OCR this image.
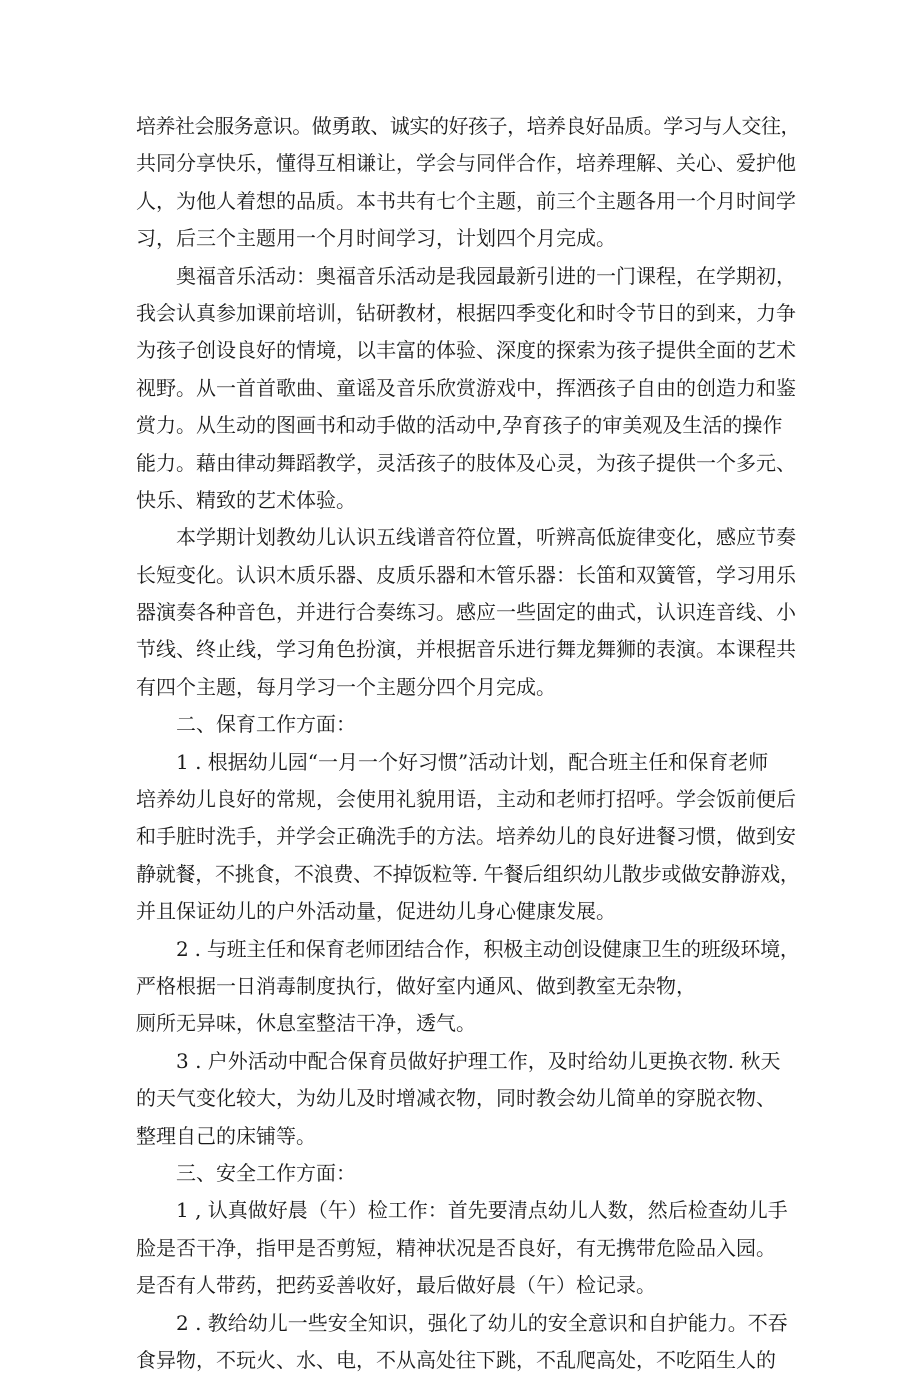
培养社会服务意识。做勇敢、诚实的好孩子，培养良好品质。学习与人交往，
共同分享快乐，懂得互相谦让，学会与同伴合作，培养理解、关心、爱护他
人，为他人着想的品质。本书共有七个主题，前三个主题各用一个月时间学
习，后三个主题用一个月时间学习，计划四个月完成。
奥福音乐活动：奥福音乐活动是我园最新引进的一门课程，在学期初，
我会认真参加课前培训，钻研教材，根据四季变化和时令节日的到来，力争
为孩子创设良好的情境，以丰富的体验、深度的探索为孩子提供全面的艺术
视野。从一首首歌曲、童谣及音乐欣赏游戏中，挥洒孩子自由的创造力和鉴
赏力。从生动的图画书和动手做的活动中,孕育孩子的审美观及生活的操作
能力。藉由律动舞蹈教学，灵活孩子的肢体及心灵，为孩子提供一个多元、
快乐、精致的艺术体验。
本学期计划教幼儿认识五线谱音符位置，听辨高低旋律变化，感应节奏
长短变化。认识木质乐器、皮质乐器和木管乐器：长笛和双簧管，学习用乐
器演奏各种音色，并进行合奏练习。感应一些固定的曲式，认识连音线、小
节线、终止线，学习角色扮演，并根据音乐进行舞龙舞狮的表演。本课程共
有四个主题，每月学习一个主题分四个月完成。
二、保育工作方面：
1 . 根据幼儿园“一月一个好习惯”活动计划，配合班主任和保育老师
培养幼儿良好的常规，会使用礼貌用语，主动和老师打招呼。学会饭前便后
和手脏时洗手，并学会正确洗手的方法。培养幼儿的良好进餐习惯，做到安
静就餐，不挑食，不浪费、不掉饭粒等. 午餐后组织幼儿散步或做安静游戏，
并且保证幼儿的户外活动量，促进幼儿身心健康发展。
2 . 与班主任和保育老师团结合作，积极主动创设健康卫生的班级环境，
严格根据一日消毒制度执行，做好室内通风、做到教室无杂物，
厕所无异味，休息室整洁干净，透气。
3 . 户外活动中配合保育员做好护理工作，及时给幼儿更换衣物. 秋天
的天气变化较大，为幼儿及时增减衣物，同时教会幼儿简单的穿脱衣物、
整理自己的床铺等。
三、安全工作方面：
1 , 认真做好晨（午）检工作：首先要清点幼儿人数，然后检查幼儿手
脸是否干净，指甲是否剪短，精神状况是否良好，有无携带危险品入园。
是否有人带药，把药妥善收好，最后做好晨（午）检记录。
2 . 教给幼儿一些安全知识，强化了幼儿的安全意识和自护能力。不吞
食异物，不玩火、水、电，不从高处往下跳，不乱爬高处，不吃陌生人的
